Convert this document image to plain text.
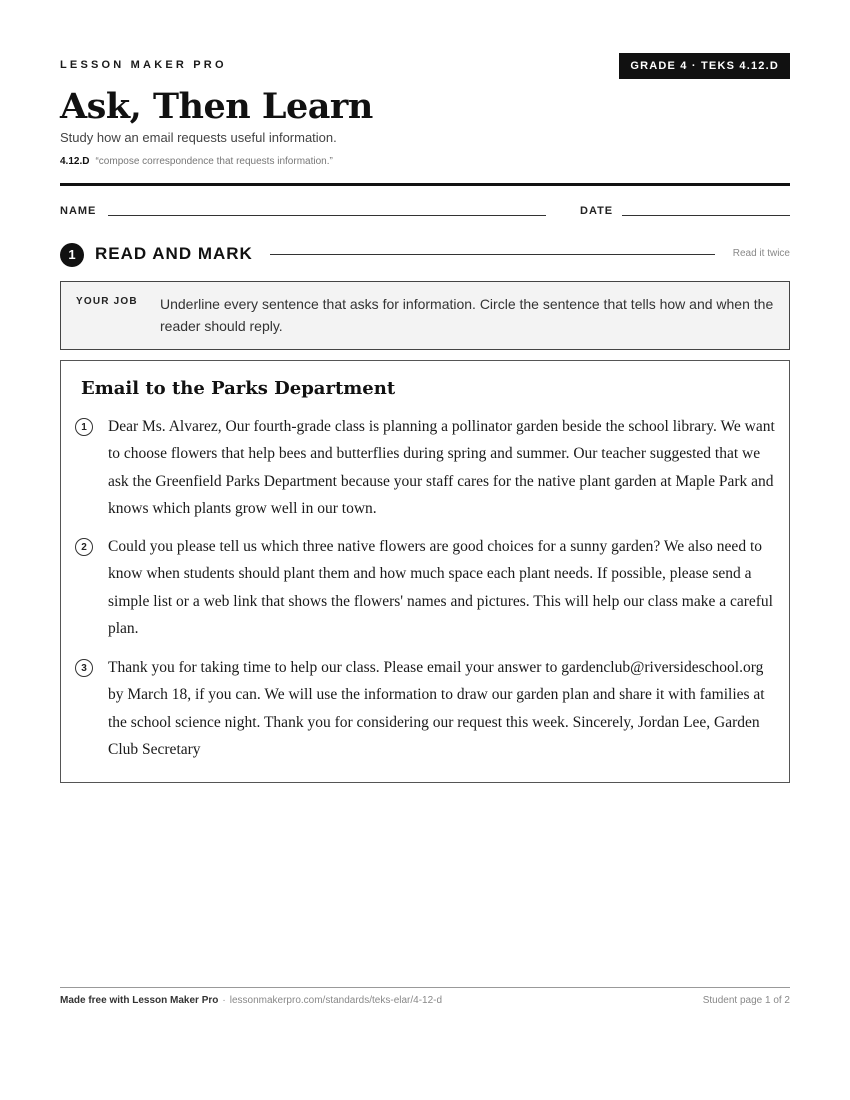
LESSON MAKER PRO	GRADE 4 · TEKS 4.12.D
Ask, Then Learn
Study how an email requests useful information.
4.12.D “compose correspondence that requests information.”
NAME	DATE
1	READ AND MARK	Read it twice
YOUR JOB Underline every sentence that asks for information. Circle the sentence that tells how and when the reader should reply.
Email to the Parks Department
1	Dear Ms. Alvarez, Our fourth-grade class is planning a pollinator garden beside the school library. We want to choose flowers that help bees and butterflies during spring and summer. Our teacher suggested that we ask the Greenfield Parks Department because your staff cares for the native plant garden at Maple Park and knows which plants grow well in our town.
2	Could you please tell us which three native flowers are good choices for a sunny garden? We also need to know when students should plant them and how much space each plant needs. If possible, please send a simple list or a web link that shows the flowers' names and pictures. This will help our class make a careful plan.
3	Thank you for taking time to help our class. Please email your answer to gardenclub@riversideschool.org by March 18, if you can. We will use the information to draw our garden plan and share it with families at the school science night. Thank you for considering our request this week. Sincerely, Jordan Lee, Garden Club Secretary
Made free with Lesson Maker Pro · lessonmakerpro.com/standards/teks-elar/4-12-d	Student page 1 of 2
